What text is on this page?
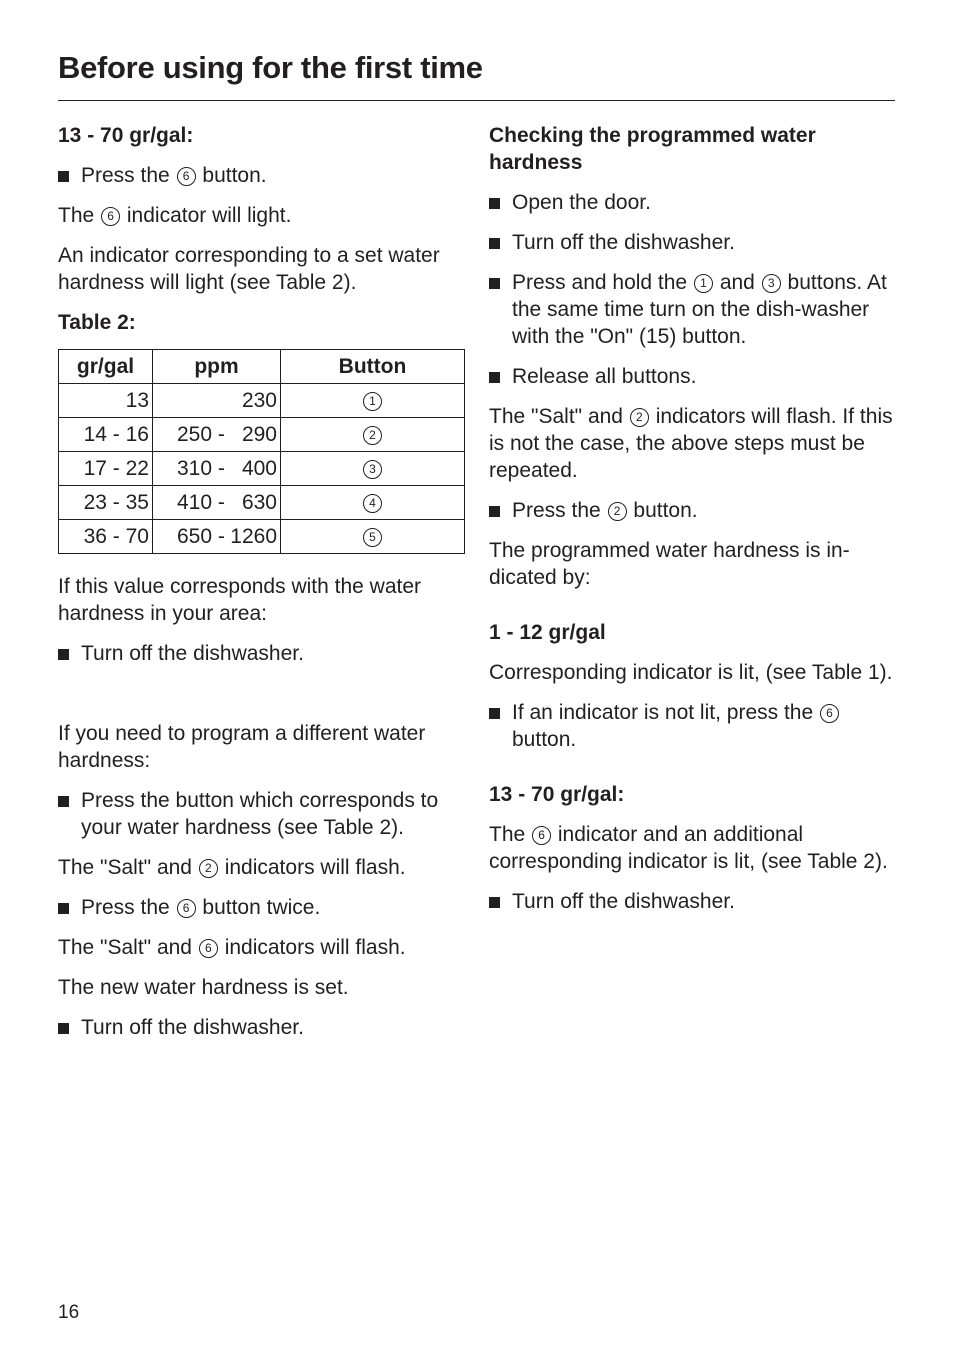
Before using for the first time
13 - 70 gr/gal:
Press the 6 button.
The 6 indicator will light.
An indicator corresponding to a set water hardness will light (see Table 2).
Table 2:
gr/gal	ppm	Button
13	230	1
14 - 16	250 - 290	2
17 - 22	310 - 400	3
23 - 35	410 - 630	4
36 - 70	650 - 1260	5
If this value corresponds with the water hardness in your area:
Turn off the dishwasher.
If you need to program a different water hardness:
Press the button which corresponds to your water hardness (see Table 2).
The "Salt" and 2 indicators will flash.
Press the 6 button twice.
The "Salt" and 6 indicators will flash.
The new water hardness is set.
Turn off the dishwasher.
Checking the programmed water hardness
Open the door.
Turn off the dishwasher.
Press and hold the 1 and 3 buttons. At the same time turn on the dish-washer with the "On" (15) button.
Release all buttons.
The "Salt" and 2 indicators will flash. If this is not the case, the above steps must be repeated.
Press the 2 button.
The programmed water hardness is in-dicated by:
1 - 12 gr/gal
Corresponding indicator is lit, (see Table 1).
If an indicator is not lit, press the 6 button.
13 - 70 gr/gal:
The 6 indicator and an additional corresponding indicator is lit, (see Table 2).
Turn off the dishwasher.
16
